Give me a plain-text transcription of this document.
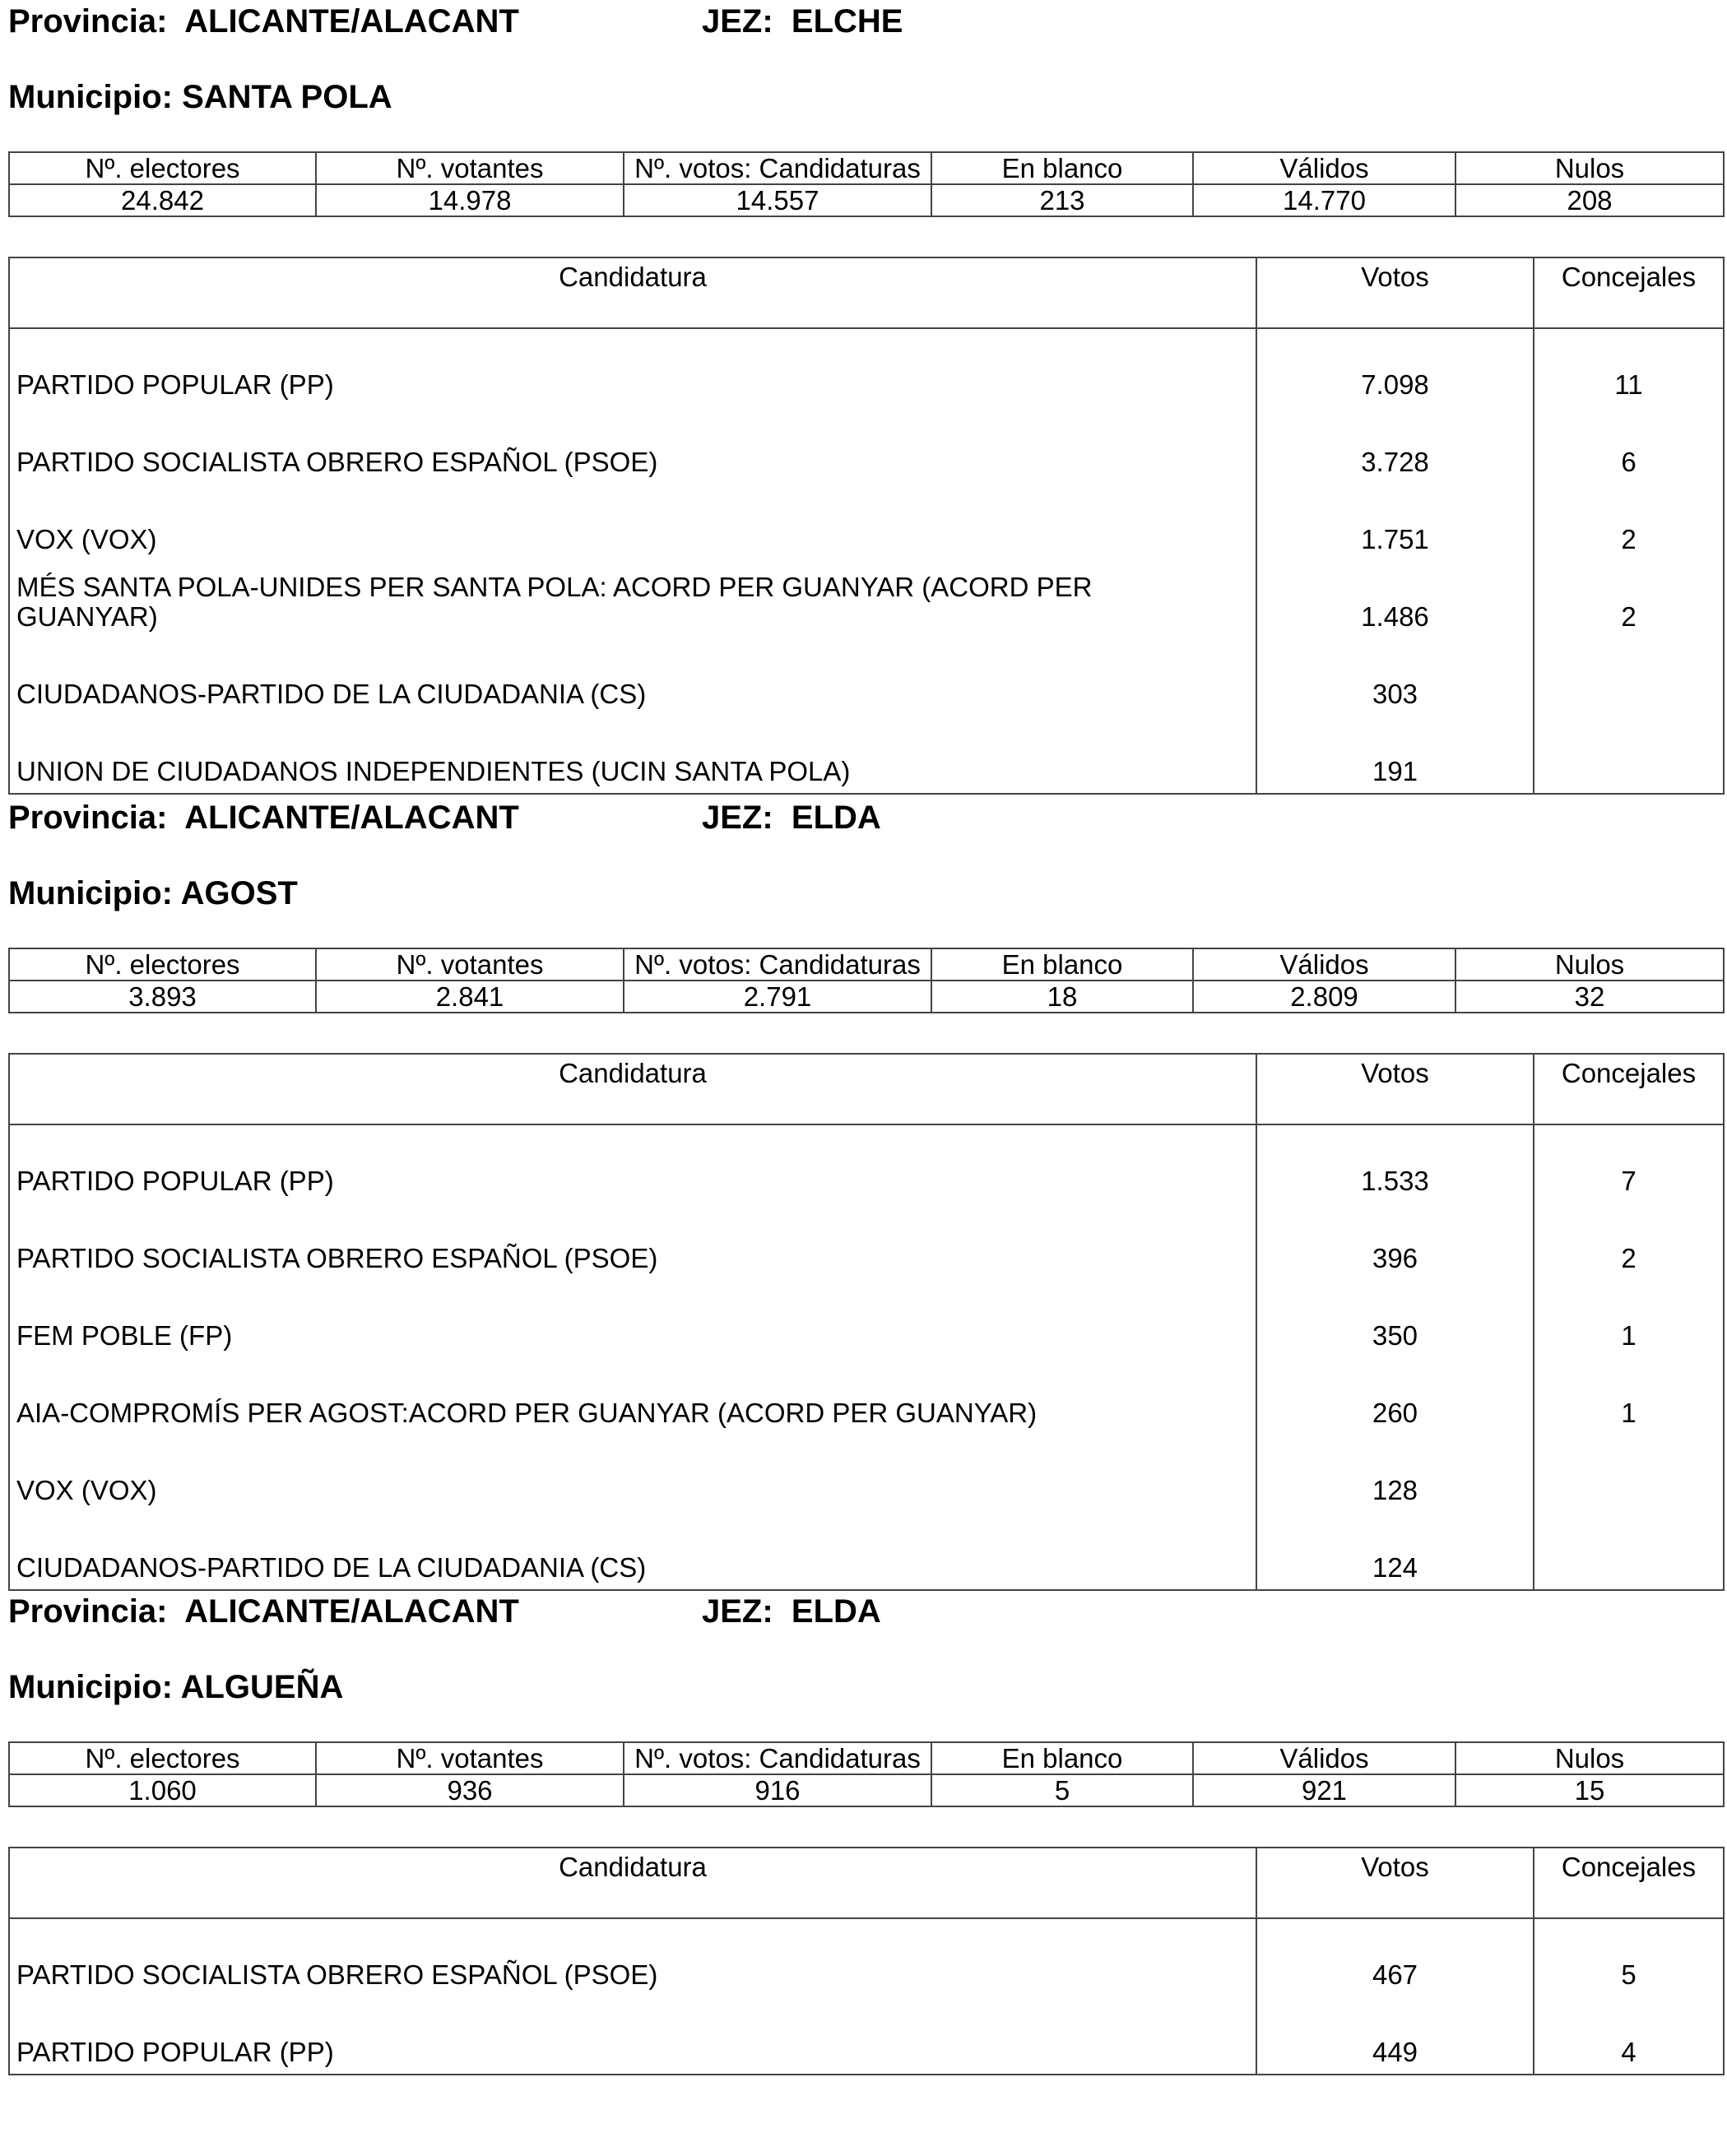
Provincia: ALICANTE/ALACANT	JEZ: ELCHE
Municipio: SANTA POLA
Nº. electores	Nº. votantes	Nº. votos: Candidaturas	En blanco	Válidos	Nulos
24.842	14.978	14.557	213	14.770	208
Candidatura	Votos	Concejales
PARTIDO POPULAR (PP)	7.098	11
PARTIDO SOCIALISTA OBRERO ESPAÑOL (PSOE)	3.728	6
VOX (VOX)	1.751	2
MÉS SANTA POLA-UNIDES PER SANTA POLA: ACORD PER GUANYAR (ACORD PER GUANYAR)	1.486	2
CIUDADANOS-PARTIDO DE LA CIUDADANIA (CS)	303	
UNION DE CIUDADANOS INDEPENDIENTES (UCIN SANTA POLA)	191	
Provincia: ALICANTE/ALACANT	JEZ: ELDA
Municipio: AGOST
Nº. electores	Nº. votantes	Nº. votos: Candidaturas	En blanco	Válidos	Nulos
3.893	2.841	2.791	18	2.809	32
Candidatura	Votos	Concejales
PARTIDO POPULAR (PP)	1.533	7
PARTIDO SOCIALISTA OBRERO ESPAÑOL (PSOE)	396	2
FEM POBLE (FP)	350	1
AIA-COMPROMÍS PER AGOST:ACORD PER GUANYAR (ACORD PER GUANYAR)	260	1
VOX (VOX)	128	
CIUDADANOS-PARTIDO DE LA CIUDADANIA (CS)	124	
Provincia: ALICANTE/ALACANT	JEZ: ELDA
Municipio: ALGUEÑA
Nº. electores	Nº. votantes	Nº. votos: Candidaturas	En blanco	Válidos	Nulos
1.060	936	916	5	921	15
Candidatura	Votos	Concejales
PARTIDO SOCIALISTA OBRERO ESPAÑOL (PSOE)	467	5
PARTIDO POPULAR (PP)	449	4
